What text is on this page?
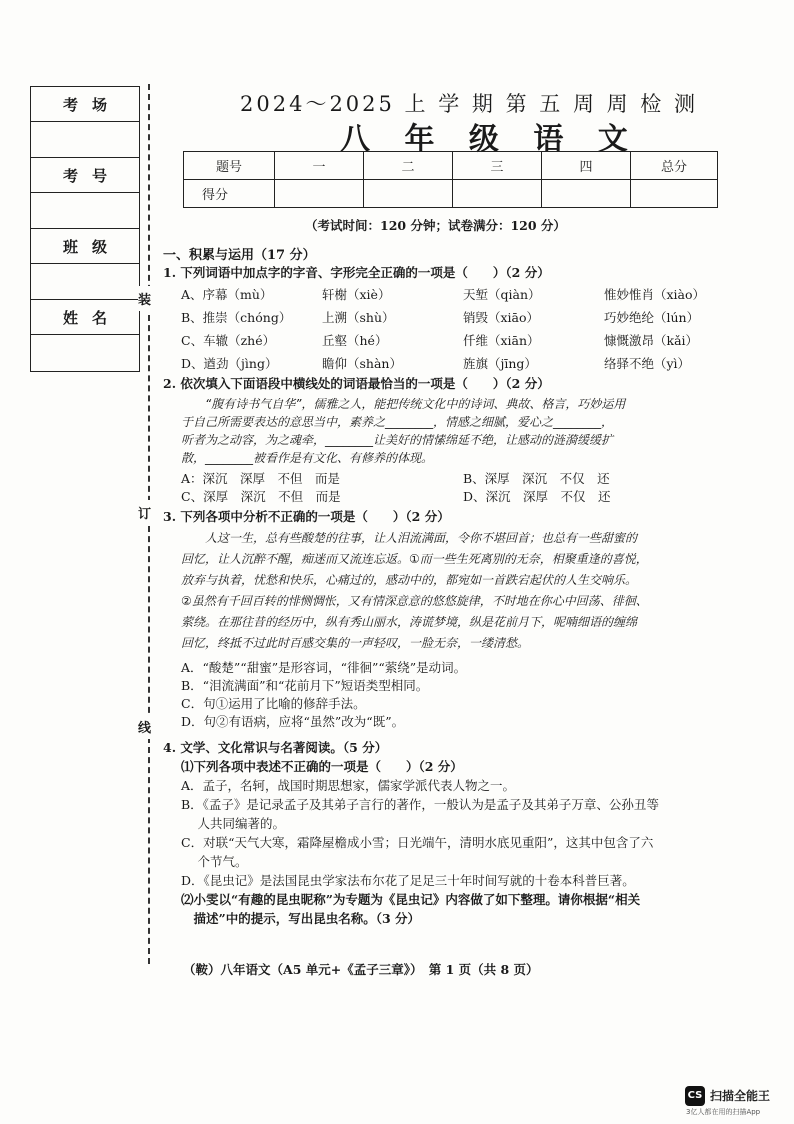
考场
考号
班级
姓名
装
订
线
2024～2025 上 学 期 第 五 周 周 检 测
八 年 级 语 文
题号	一	二	三	四	总分
得分					
（考试时间：120 分钟；试卷满分：120 分）
一、积累与运用（17 分）
1. 下列词语中加点字的字音、字形完全正确的一项是（　　）（2 分）
A、序幕（mù）	轩榭（xiè）	天堑（qiàn）	惟妙惟肖（xiào）
B、推崇（chóng）	上溯（shù）	销毁（xiāo）	巧妙绝纶（lún）
C、车辙（zhé）	丘壑（hé）	仟维（xiān）	慷慨激昂（kǎi）
D、遒劲（jìng）	瞻仰（shàn）	旌旗（jīng）	络驿不绝（yì）
2. 依次填入下面语段中横线处的词语最恰当的一项是（　　）（2 分）
　　“腹有诗书气自华”，儒雅之人，能把传统文化中的诗词、典故、格言，巧妙运用
于自己所需要表达的意思当中，素养之________，情感之细腻，爱心之________，
听者为之动容，为之魂牵，________让美好的情愫绵延不绝，让感动的涟漪缓缓扩
散，________被看作是有文化、有修养的体现。
A：深沉　深厚　不但　而是	B、深厚　深沉　不仅　还
C、深厚　深沉　不但　而是	D、深沉　深厚　不仅　还
3. 下列各项中分析不正确的一项是（　　）（2 分）
　　人这一生，总有些酸楚的往事，让人泪流满面，令你不堪回首；也总有一些甜蜜的
回忆，让人沉醉不醒，痴迷而又流连忘返。①而一些生死离别的无奈，相聚重逢的喜悦，
放弃与执着，忧愁和快乐，心痛过的，感动中的，都宛如一首跌宕起伏的人生交响乐。
②虽然有千回百转的悱恻惆怅，又有情深意意的悠悠旋律，不时地在你心中回荡、徘徊、
萦绕。在那往昔的经历中，纵有秀山丽水，涛谎梦境，纵是花前月下，呢喃细语的缠绵
回忆，终抵不过此时百感交集的一声轻叹，一脸无奈，一缕清愁。
A．“酸楚”“甜蜜”是形容词，“徘徊”“萦绕”是动词。
B．“泪流满面”和“花前月下”短语类型相同。
C．句①运用了比喻的修辞手法。
D．句②有语病，应将“虽然”改为“既”。
4. 文学、文化常识与名著阅读。（5 分）
⑴下列各项中表述不正确的一项是（　　）（2 分）
A．孟子，名轲，战国时期思想家，儒家学派代表人物之一。
B．《孟子》是记录孟子及其弟子言行的著作，一般认为是孟子及其弟子万章、公孙丑等
　 人共同编著的。
C．对联“天气大寒，霜降屋檐成小雪；日光端午，清明水底见重阳”，这其中包含了六
　 个节气。
D．《昆虫记》是法国昆虫学家法布尔花了足足三十年时间写就的十卷本科普巨著。
⑵小雯以“有趣的昆虫昵称”为专题为《昆虫记》内容做了如下整理。请你根据“相关
　描述”中的提示，写出昆虫名称。（3 分）
（鞍）八年语文（A5 单元+《孟子三章》）　第 1 页（共 8 页）
CS 扫描全能王
3亿人都在用的扫描App
